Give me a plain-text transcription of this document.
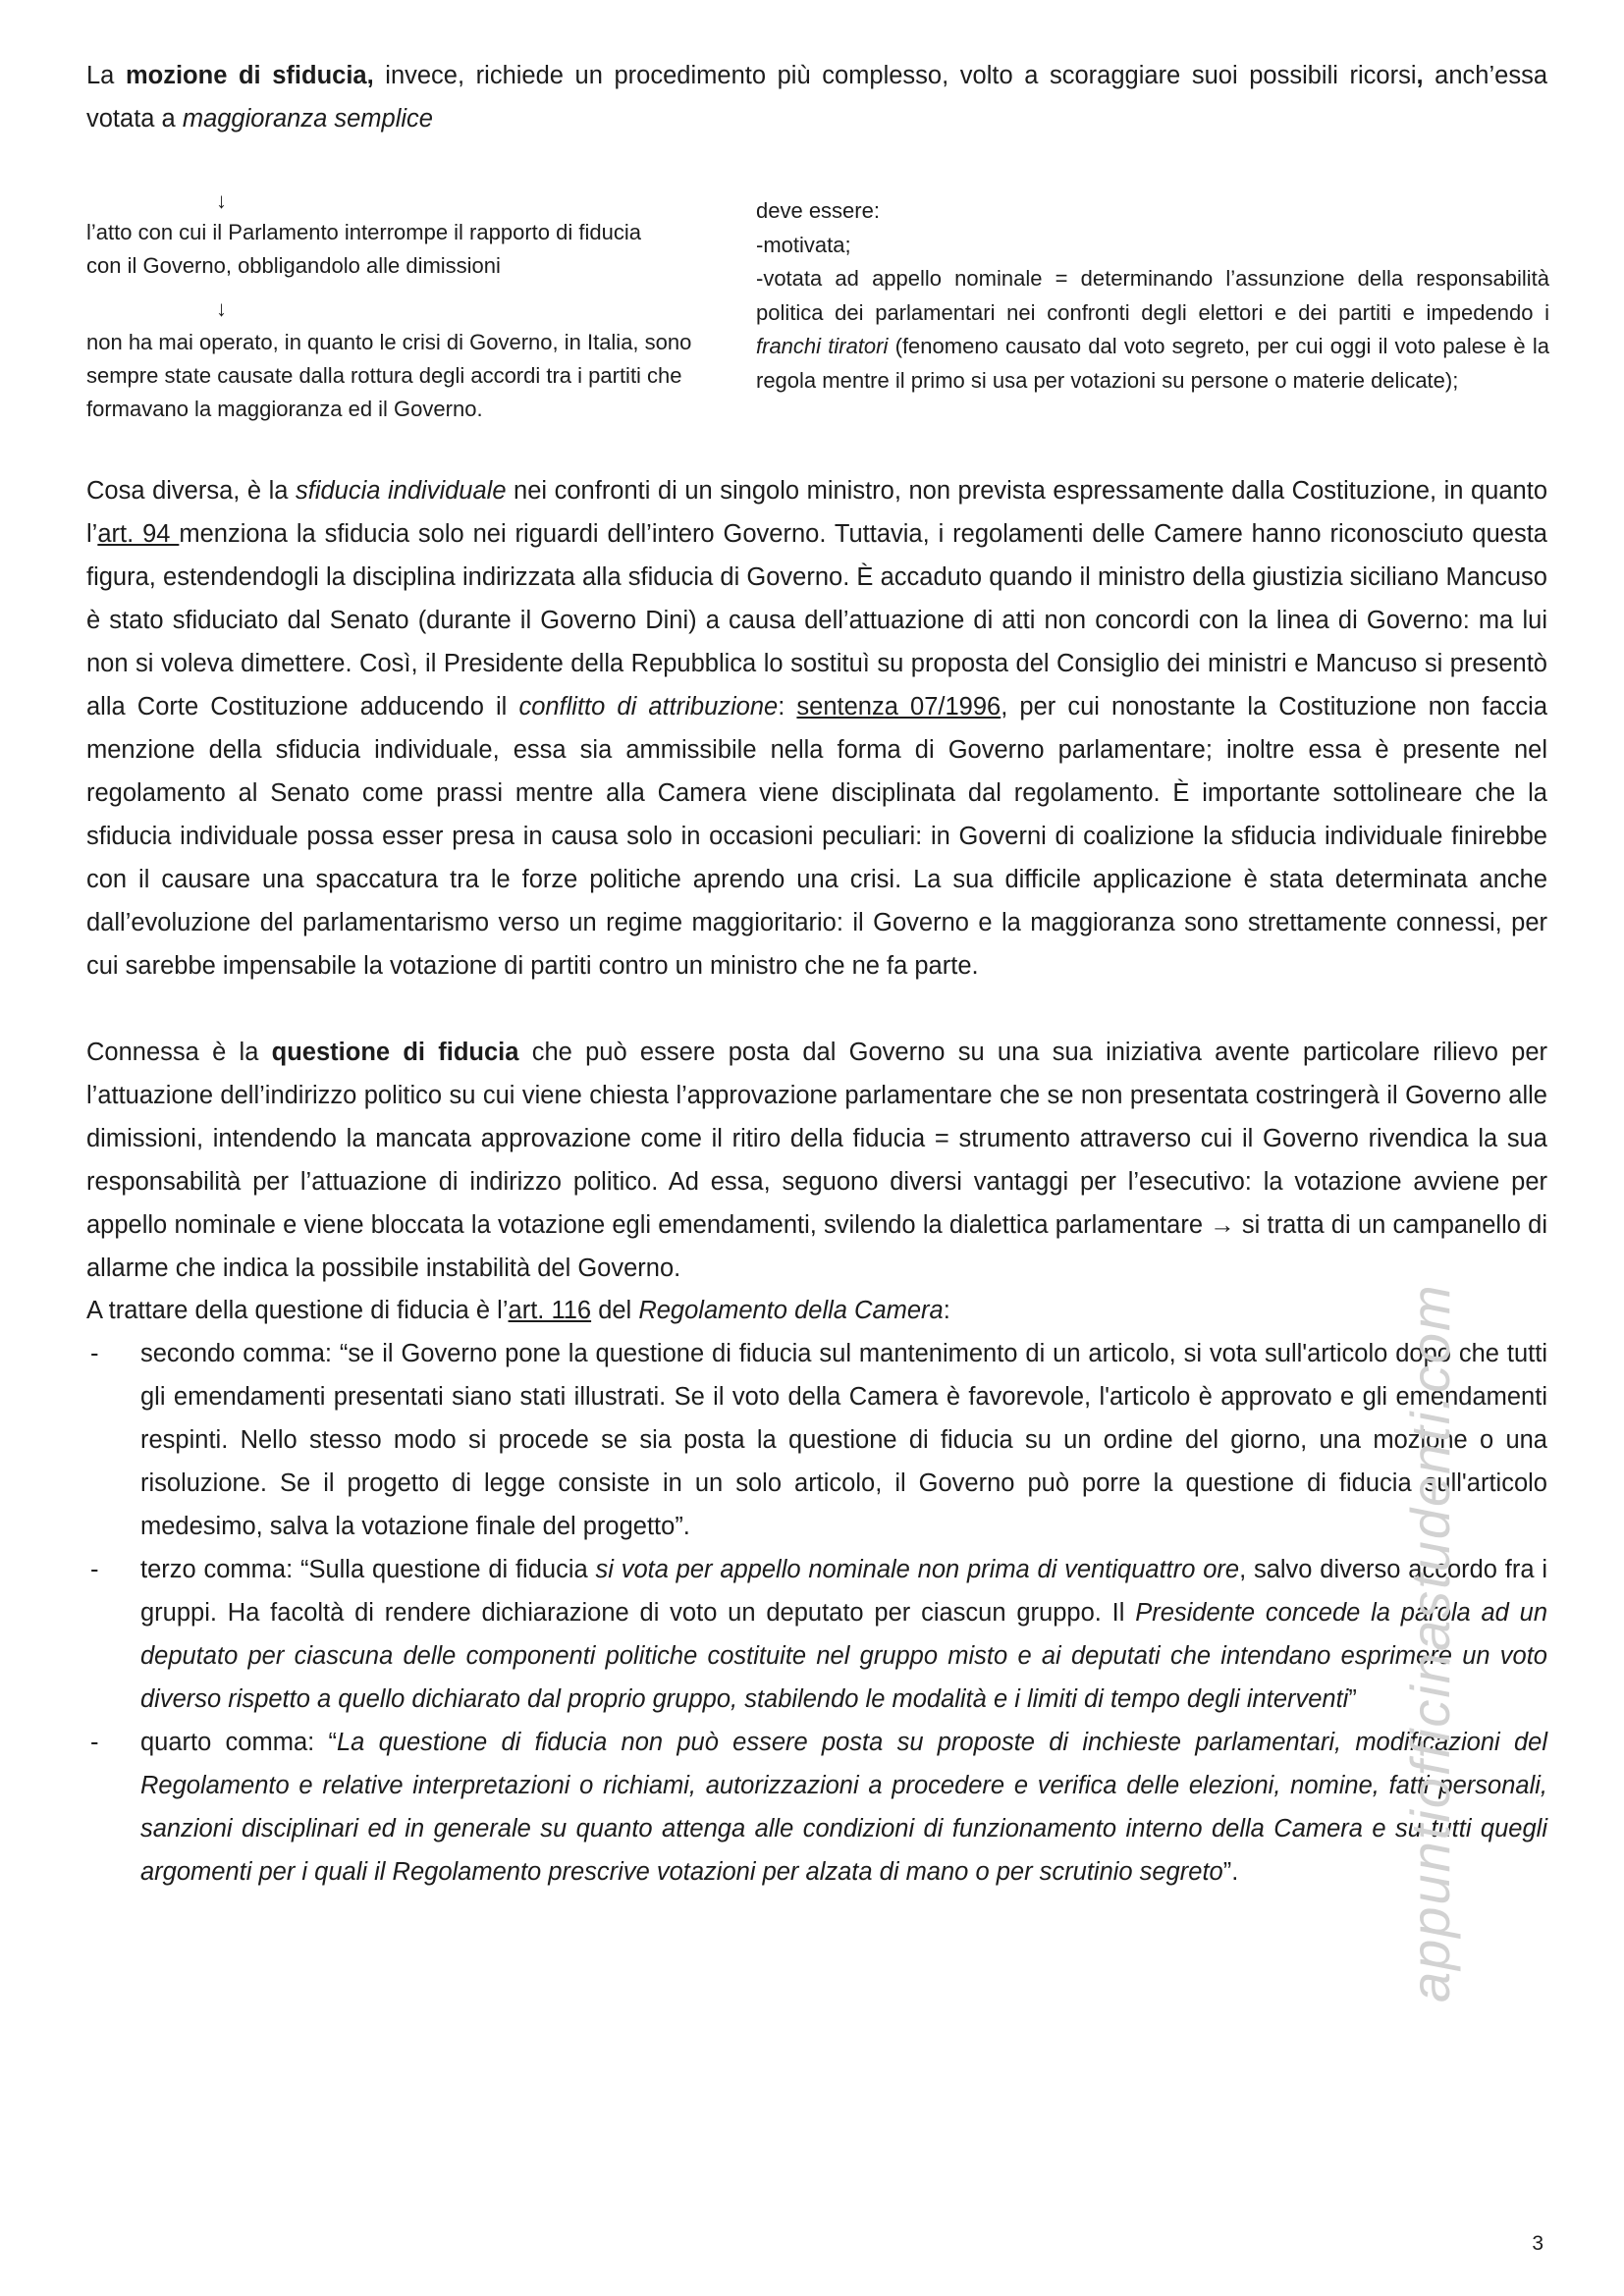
La mozione di sfiducia, invece, richiede un procedimento più complesso, volto a scoraggiare suoi possibili ricorsi, anch’essa votata a maggioranza semplice
↓
l’atto con cui il Parlamento interrompe il rapporto di fiducia con il Governo, obbligandolo alle dimissioni
↓
non ha mai operato, in quanto le crisi di Governo, in Italia, sono sempre state causate dalla rottura degli accordi tra i partiti che formavano la maggioranza ed il Governo.
deve essere:
-motivata;
-votata ad appello nominale = determinando l’assunzione della responsabilità politica dei parlamentari nei confronti degli elettori e dei partiti e impedendo i franchi tiratori (fenomeno causato dal voto segreto, per cui oggi il voto palese è la regola mentre il primo si usa per votazioni su persone o materie delicate);
Cosa diversa, è la sfiducia individuale nei confronti di un singolo ministro, non prevista espressamente dalla Costituzione, in quanto l’art. 94 menziona la sfiducia solo nei riguardi dell’intero Governo. Tuttavia, i regolamenti delle Camere hanno riconosciuto questa figura, estendendogli la disciplina indirizzata alla sfiducia di Governo. È accaduto quando il ministro della giustizia siciliano Mancuso è stato sfiduciato dal Senato (durante il Governo Dini) a causa dell’attuazione di atti non concordi con la linea di Governo: ma lui non si voleva dimettere. Così, il Presidente della Repubblica lo sostituì su proposta del Consiglio dei ministri e Mancuso si presentò alla Corte Costituzione adducendo il conflitto di attribuzione: sentenza 07/1996, per cui nonostante la Costituzione non faccia menzione della sfiducia individuale, essa sia ammissibile nella forma di Governo parlamentare; inoltre essa è presente nel regolamento al Senato come prassi mentre alla Camera viene disciplinata dal regolamento. È importante sottolineare che la sfiducia individuale possa esser presa in causa solo in occasioni peculiari: in Governi di coalizione la sfiducia individuale finirebbe con il causare una spaccatura tra le forze politiche aprendo una crisi. La sua difficile applicazione è stata determinata anche dall’evoluzione del parlamentarismo verso un regime maggioritario: il Governo e la maggioranza sono strettamente connessi, per cui sarebbe impensabile la votazione di partiti contro un ministro che ne fa parte.
Connessa è la questione di fiducia che può essere posta dal Governo su una sua iniziativa avente particolare rilievo per l’attuazione dell’indirizzo politico su cui viene chiesta l’approvazione parlamentare che se non presentata costringerà il Governo alle dimissioni, intendendo la mancata approvazione come il ritiro della fiducia = strumento attraverso cui il Governo rivendica la sua responsabilità per l’attuazione di indirizzo politico. Ad essa, seguono diversi vantaggi per l’esecutivo: la votazione avviene per appello nominale e viene bloccata la votazione egli emendamenti, svilendo la dialettica parlamentare → si tratta di un campanello di allarme che indica la possibile instabilità del Governo.
A trattare della questione di fiducia è l’art. 116 del Regolamento della Camera:
- secondo comma: “se il Governo pone la questione di fiducia sul mantenimento di un articolo, si vota sull'articolo dopo che tutti gli emendamenti presentati siano stati illustrati. Se il voto della Camera è favorevole, l'articolo è approvato e gli emendamenti respinti. Nello stesso modo si procede se sia posta la questione di fiducia su un ordine del giorno, una mozione o una risoluzione. Se il progetto di legge consiste in un solo articolo, il Governo può porre la questione di fiducia sull'articolo medesimo, salva la votazione finale del progetto”.
- terzo comma: “Sulla questione di fiducia si vota per appello nominale non prima di ventiquattro ore, salvo diverso accordo fra i gruppi. Ha facoltà di rendere dichiarazione di voto un deputato per ciascun gruppo. Il Presidente concede la parola ad un deputato per ciascuna delle componenti politiche costituite nel gruppo misto e ai deputati che intendano esprimere un voto diverso rispetto a quello dichiarato dal proprio gruppo, stabilendo le modalità e i limiti di tempo degli interventi”
- quarto comma: “La questione di fiducia non può essere posta su proposte di inchieste parlamentari, modificazioni del Regolamento e relative interpretazioni o richiami, autorizzazioni a procedere e verifica delle elezioni, nomine, fatti personali, sanzioni disciplinari ed in generale su quanto attenga alle condizioni di funzionamento interno della Camera e su tutti quegli argomenti per i quali il Regolamento prescrive votazioni per alzata di mano o per scrutinio segreto”.	appuntiofficinastudenti.com
3
